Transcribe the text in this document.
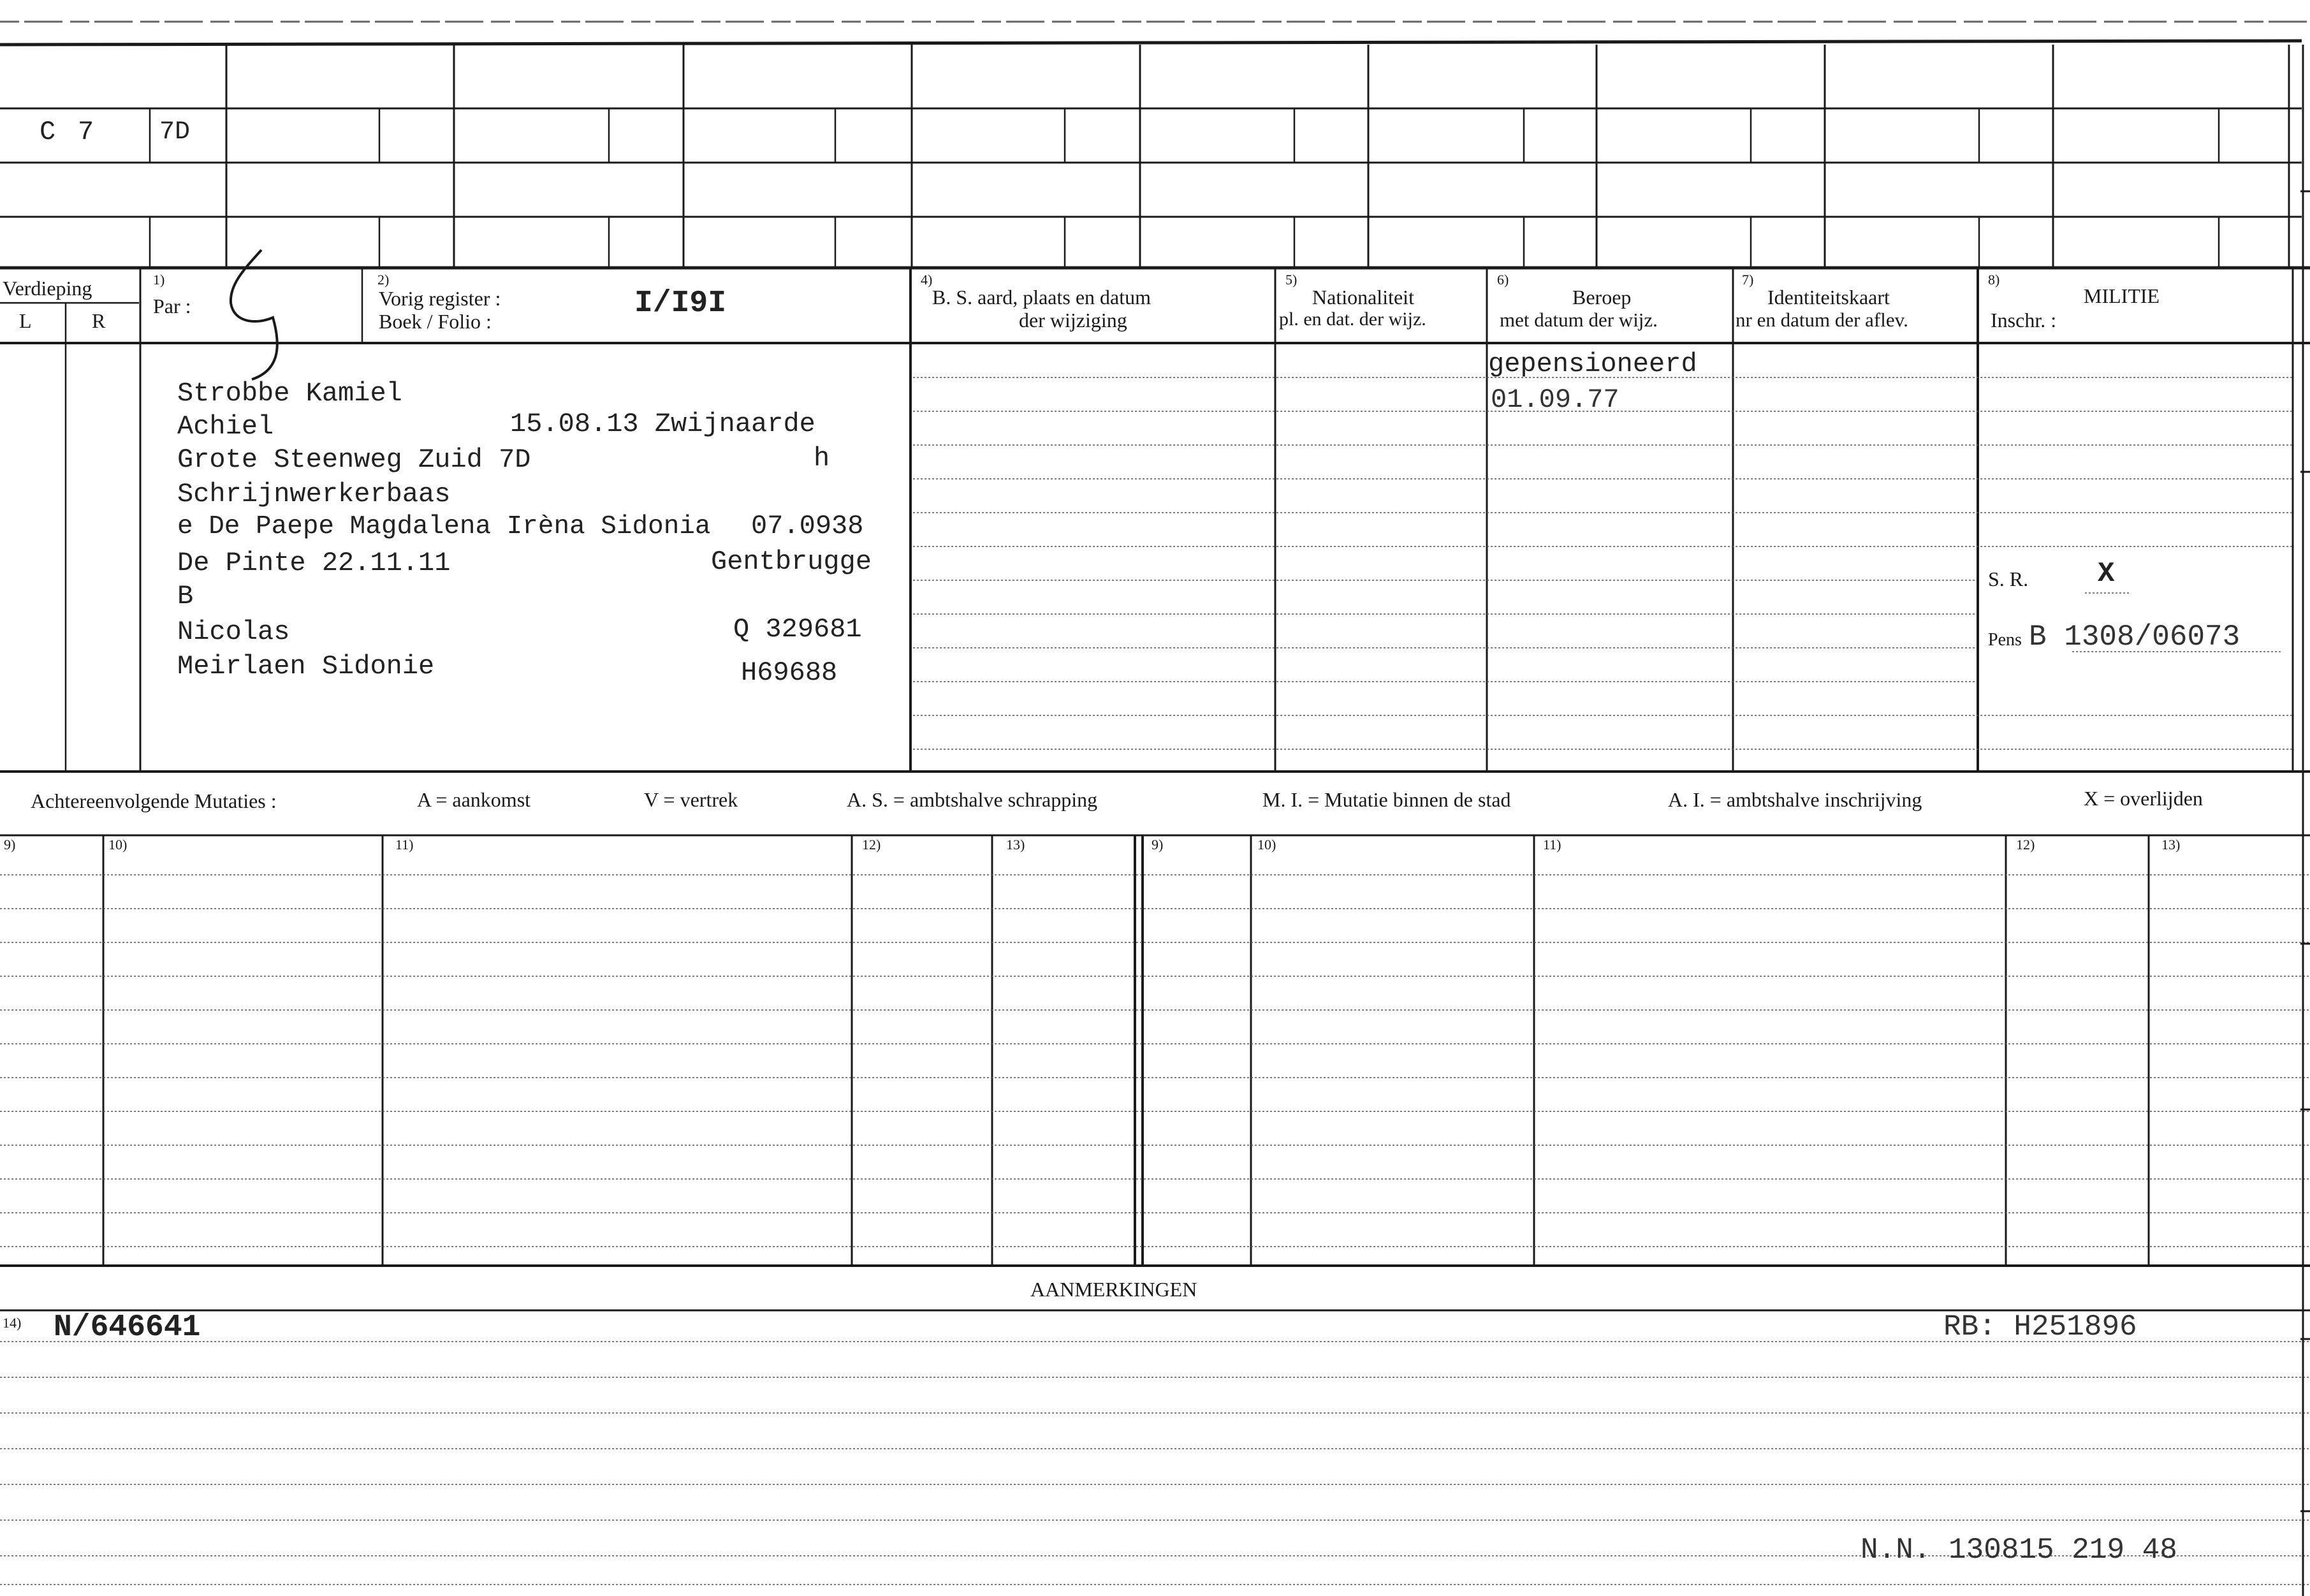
C 7	7D
Verdieping
L	R
1)
Par :
2)
Vorig register :
Boek / Folio :
I/I9I
4)
B. S. aard, plaats en datum
der wijziging
5)
Nationaliteit
pl. en dat. der wijz.
6)
Beroep
met datum der wijz.
7)
Identiteitskaart
nr en datum der aflev.
8)
MILITIE
Inschr. :
Strobbe Kamiel
Achiel	15.08.13 Zwijnaarde
Grote Steenweg Zuid 7D	h
Schrijnwerkerbaas
e De Paepe Magdalena Irèna Sidonia 07.0938
De Pinte 22.11.11	Gentbrugge
B
Nicolas	Q 329681
Meirlaen Sidonie	H69688
gepensioneerd
01.09.77
S. R. X
Pens B 1308/06073
Achtereenvolgende Mutaties :	A = aankomst	V = vertrek	A. S. = ambtshalve schrapping	M. I. = Mutatie binnen de stad	A. I. = ambtshalve inschrijving	X = overlijden
9)	10)	11)	12)	13)	9)	10)	11)	12)	13)
AANMERKINGEN
14) N/646641	RB: H251896
N.N. 130815 219 48
